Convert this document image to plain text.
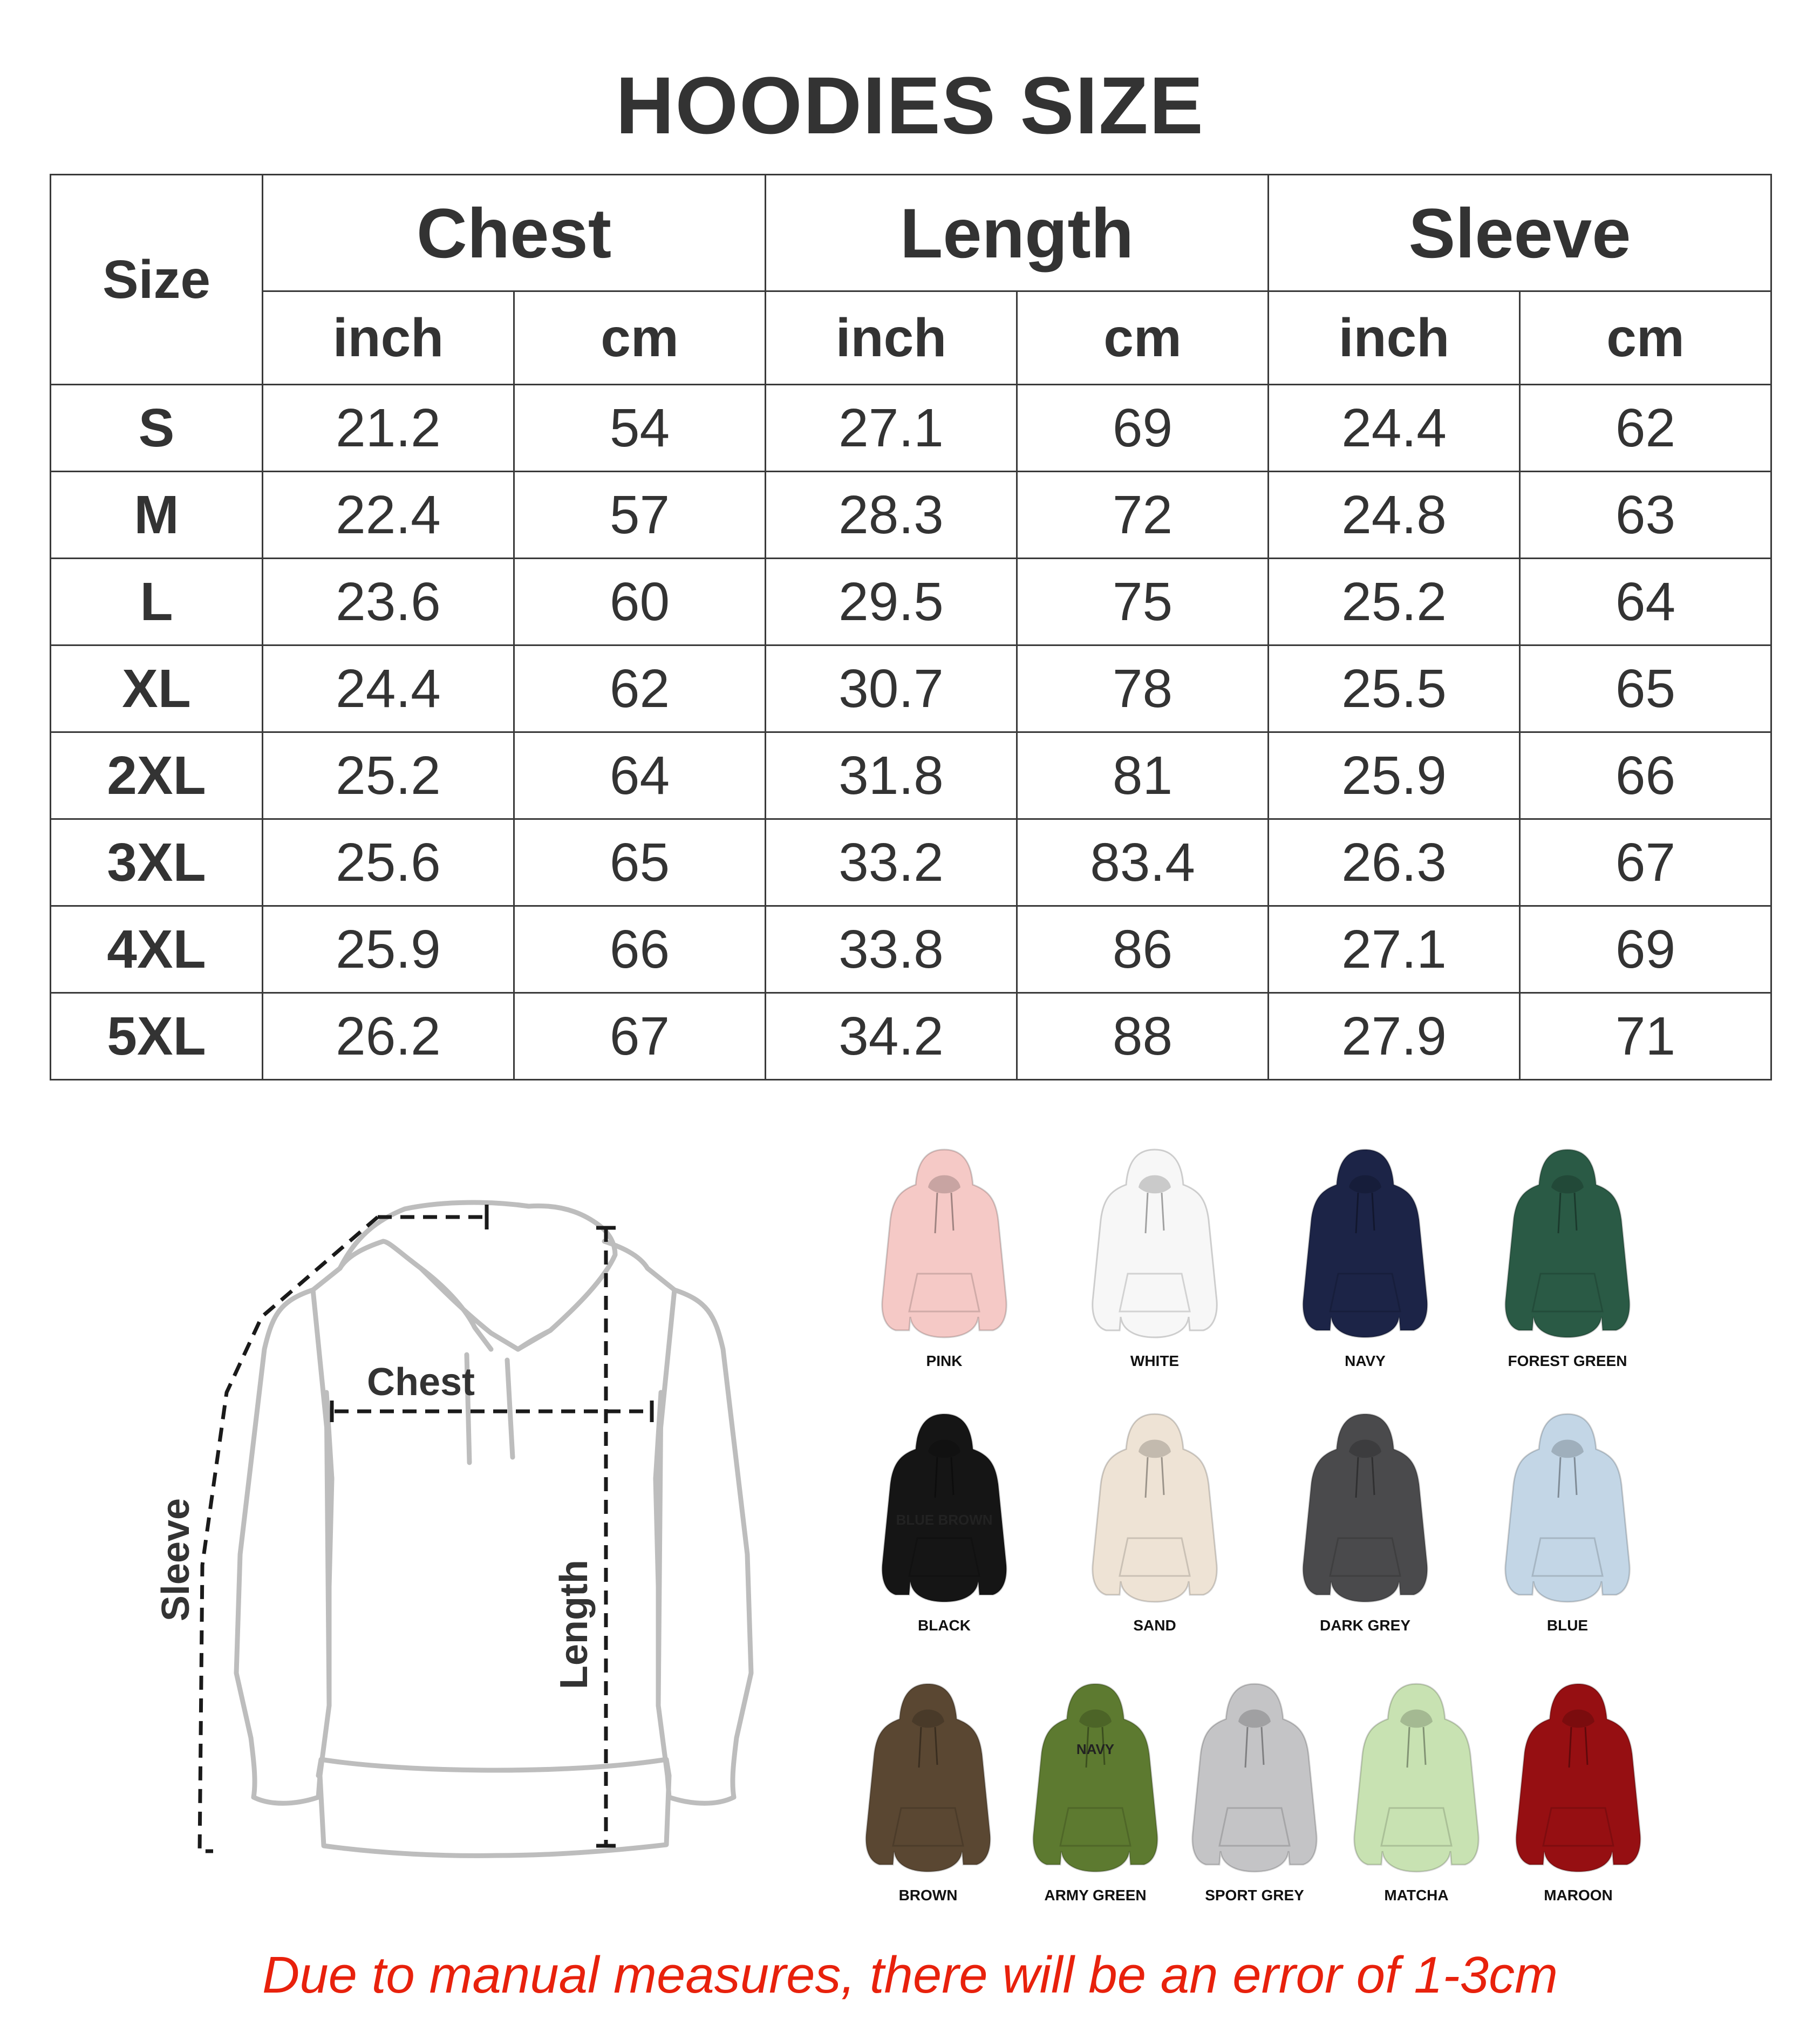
HOODIES SIZE
Size	Chest		Length		Sleeve	
	inch	cm	inch	cm	inch	cm
S	21.2	54	27.1	69	24.4	62
M	22.4	57	28.3	72	24.8	63
L	23.6	60	29.5	75	25.2	64
XL	24.4	62	30.7	78	25.5	65
2XL	25.2	64	31.8	81	25.9	66
3XL	25.6	65	33.2	83.4	26.3	67
4XL	25.9	66	33.8	86	27.1	69
5XL	26.2	67	34.2	88	27.9	71
Chest
Length
Sleeve
PINK	WHITE	NAVY	FOREST GREEN
BLUE BROWN
BLACK	SAND	DARK GREY	BLUE
BROWN
NAVY
ARMY GREEN	SPORT GREY	MATCHA	MAROON
Due to manual measures, there will be an error of 1-3cm
